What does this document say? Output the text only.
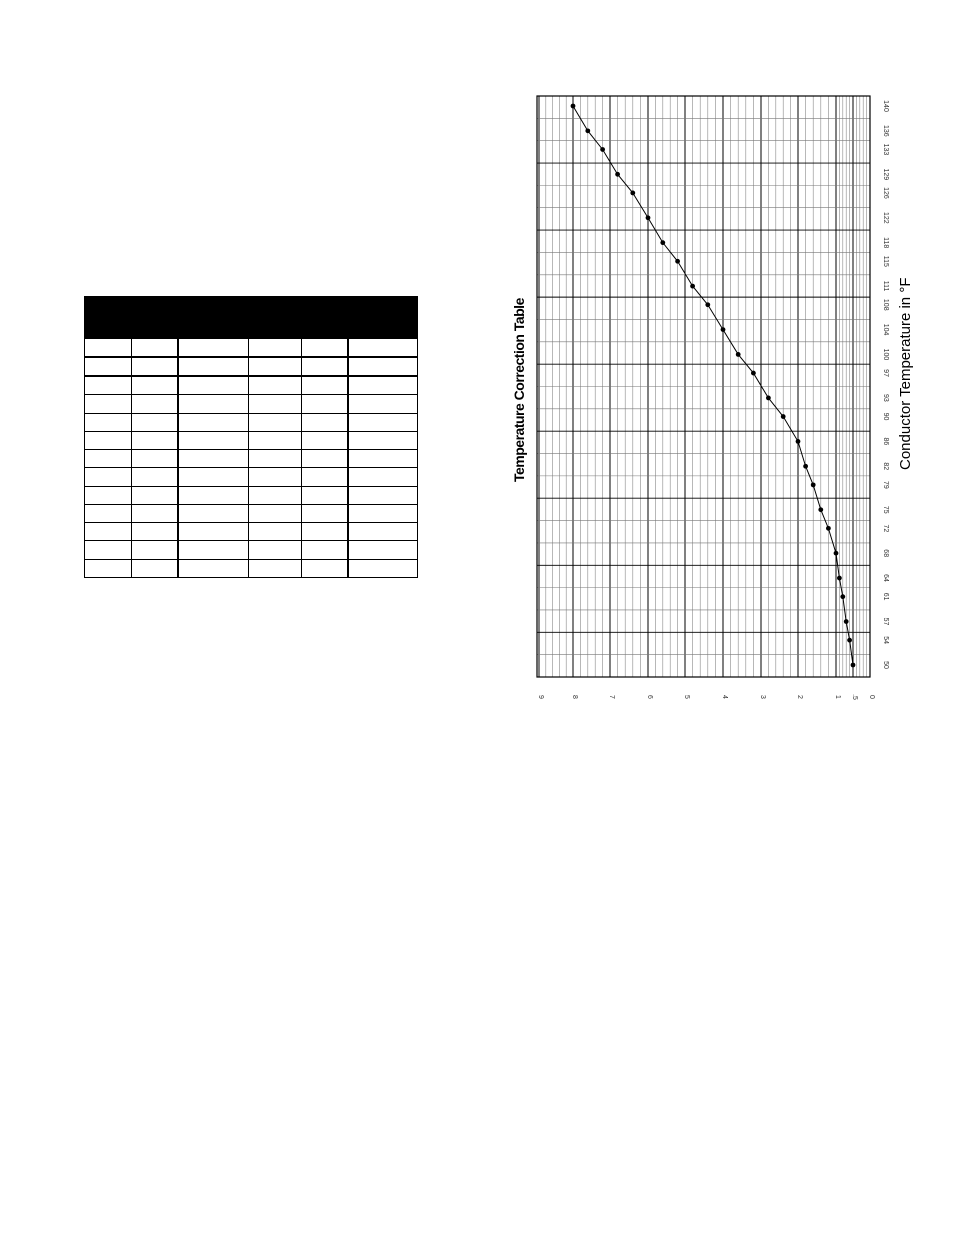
50
54
57
61
64
68
72
75
79
82
86
90
93
97
100
104
108
111
115
118
122
126
129
133
136
140
0
.5
1
2
3
4
5
6
7
8
9
Temperature Correction Table	Conductor Temperature in °F
